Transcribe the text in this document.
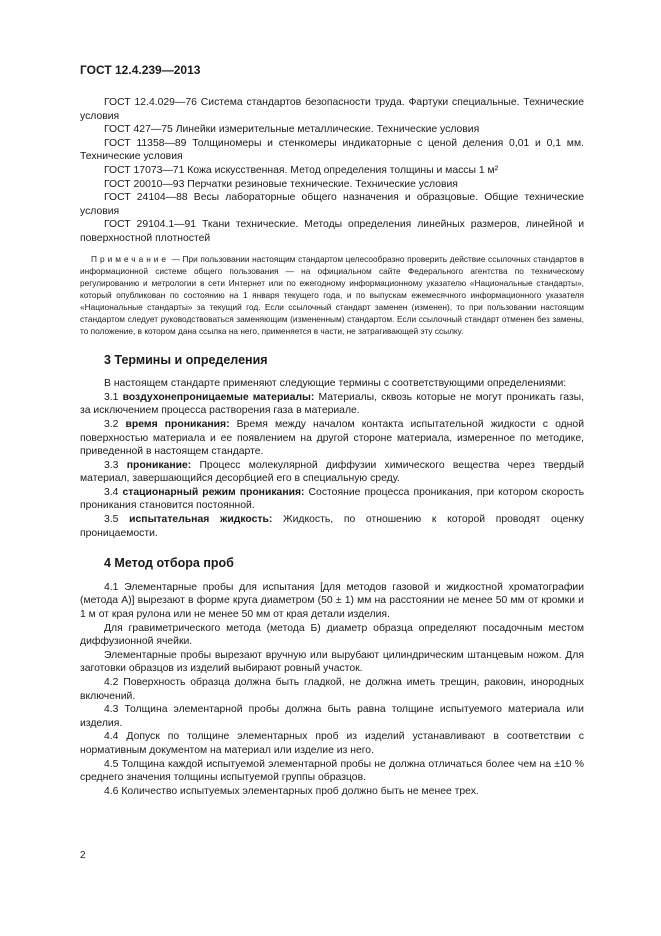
ГОСТ 12.4.239—2013

ГОСТ 12.4.029—76 Система стандартов безопасности труда. Фартуки специальные. Технические условия

ГОСТ 427—75 Линейки измерительные металлические. Технические условия

ГОСТ 11358—89 Толщиномеры и стенкомеры индикаторные с ценой деления 0,01 и 0,1 мм. Технические условия

ГОСТ 17073—71 Кожа искусственная. Метод определения толщины и массы 1 м²

ГОСТ 20010—93 Перчатки резиновые технические. Технические условия

ГОСТ 24104—88 Весы лабораторные общего назначения и образцовые. Общие технические условия

ГОСТ 29104.1—91 Ткани технические. Методы определения линейных размеров, линейной и поверхностной плотностей

Примечание — При пользовании настоящим стандартом целесообразно проверить действие ссылочных стандартов в информационной системе общего пользования — на официальном сайте Федерального агентства по техническому регулированию и метрологии в сети Интернет или по ежегодному информационному указателю «Национальные стандарты», который опубликован по состоянию на 1 января текущего года, и по выпускам ежемесячного информационного указателя «Национальные стандарты» за текущий год. Если ссылочный стандарт заменен (изменен), то при пользовании настоящим стандартом следует руководствоваться заменяющим (измененным) стандартом. Если ссылочный стандарт отменен без замены, то положение, в котором дана ссылка на него, применяется в части, не затрагивающей эту ссылку.

3 Термины и определения

В настоящем стандарте применяют следующие термины с соответствующими определениями:

3.1 воздухонепроницаемые материалы: Материалы, сквозь которые не могут проникать газы, за исключением процесса растворения газа в материале.

3.2 время проникания: Время между началом контакта испытательной жидкости с одной поверхностью материала и ее появлением на другой стороне материала, измеренное по методике, приведенной в настоящем стандарте.

3.3 проникание: Процесс молекулярной диффузии химического вещества через твердый материал, завершающийся десорбцией его в специальную среду.

3.4 стационарный режим проникания: Состояние процесса проникания, при котором скорость проникания становится постоянной.

3.5 испытательная жидкость: Жидкость, по отношению к которой проводят оценку проницаемости.

4 Метод отбора проб

4.1 Элементарные пробы для испытания [для методов газовой и жидкостной хроматографии (метода А)] вырезают в форме круга диаметром (50 ± 1) мм на расстоянии не менее 50 мм от кромки и 1 м от края рулона или не менее 50 мм от края детали изделия.

Для гравиметрического метода (метода Б) диаметр образца определяют посадочным местом диффузионной ячейки.

Элементарные пробы вырезают вручную или вырубают цилиндрическим штанцевым ножом. Для заготовки образцов из изделий выбирают ровный участок.

4.2 Поверхность образца должна быть гладкой, не должна иметь трещин, раковин, инородных включений.

4.3 Толщина элементарной пробы должна быть равна толщине испытуемого материала или изделия.

4.4 Допуск по толщине элементарных проб из изделий устанавливают в соответствии с нормативным документом на материал или изделие из него.

4.5 Толщина каждой испытуемой элементарной пробы не должна отличаться более чем на ±10 % среднего значения толщины испытуемой группы образцов.

4.6 Количество испытуемых элементарных проб должно быть не менее трех.

2
